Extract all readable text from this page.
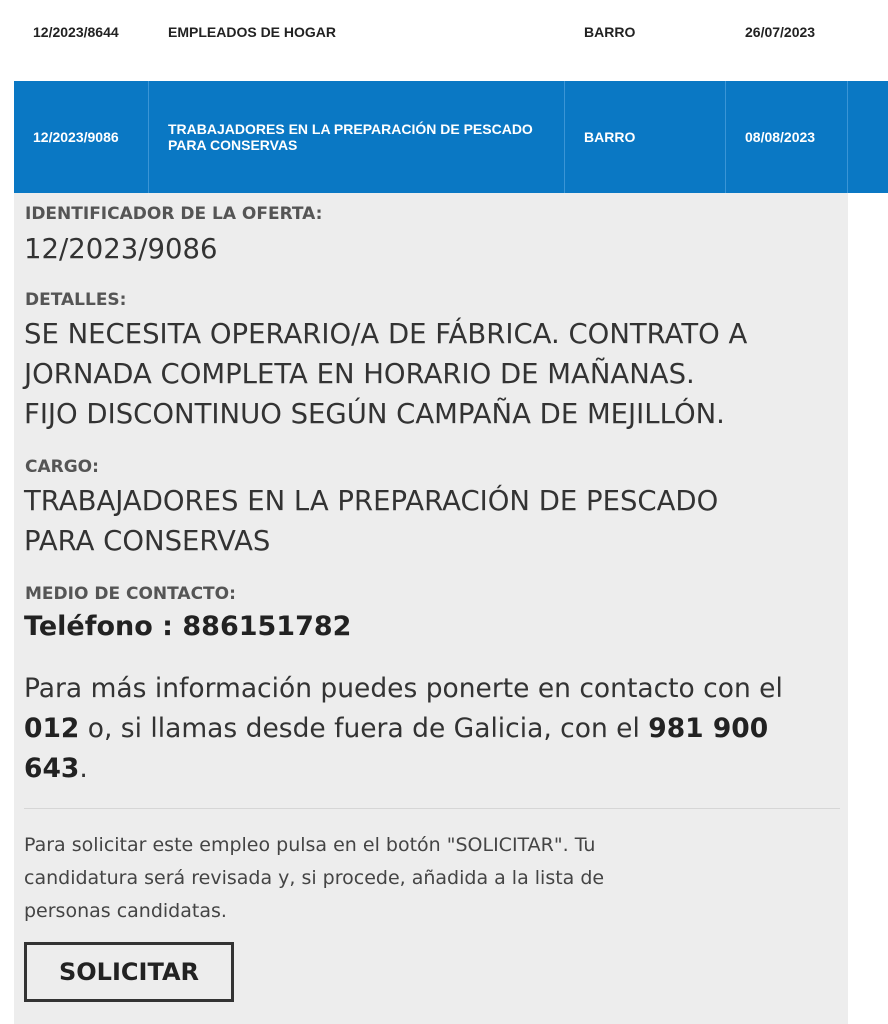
12/2023/8644	EMPLEADOS DE HOGAR	BARRO	26/07/2023
12/2023/9086	TRABAJADORES EN LA PREPARACIÓN DE PESCADO
PARA CONSERVAS	BARRO	08/08/2023
IDENTIFICADOR DE LA OFERTA:
12/2023/9086
DETALLES:
SE NECESITA OPERARIO/A DE FÁBRICA. CONTRATO A
JORNADA COMPLETA EN HORARIO DE MAÑANAS.
FIJO DISCONTINUO SEGÚN CAMPAÑA DE MEJILLÓN.
CARGO:
TRABAJADORES EN LA PREPARACIÓN DE PESCADO
PARA CONSERVAS
MEDIO DE CONTACTO:
Teléfono : 886151782
Para más información puedes ponerte en contacto con el
012 o, si llamas desde fuera de Galicia, con el 981 900
643.
Para solicitar este empleo pulsa en el botón "SOLICITAR". Tu
candidatura será revisada y, si procede, añadida a la lista de
personas candidatas.
SOLICITAR
